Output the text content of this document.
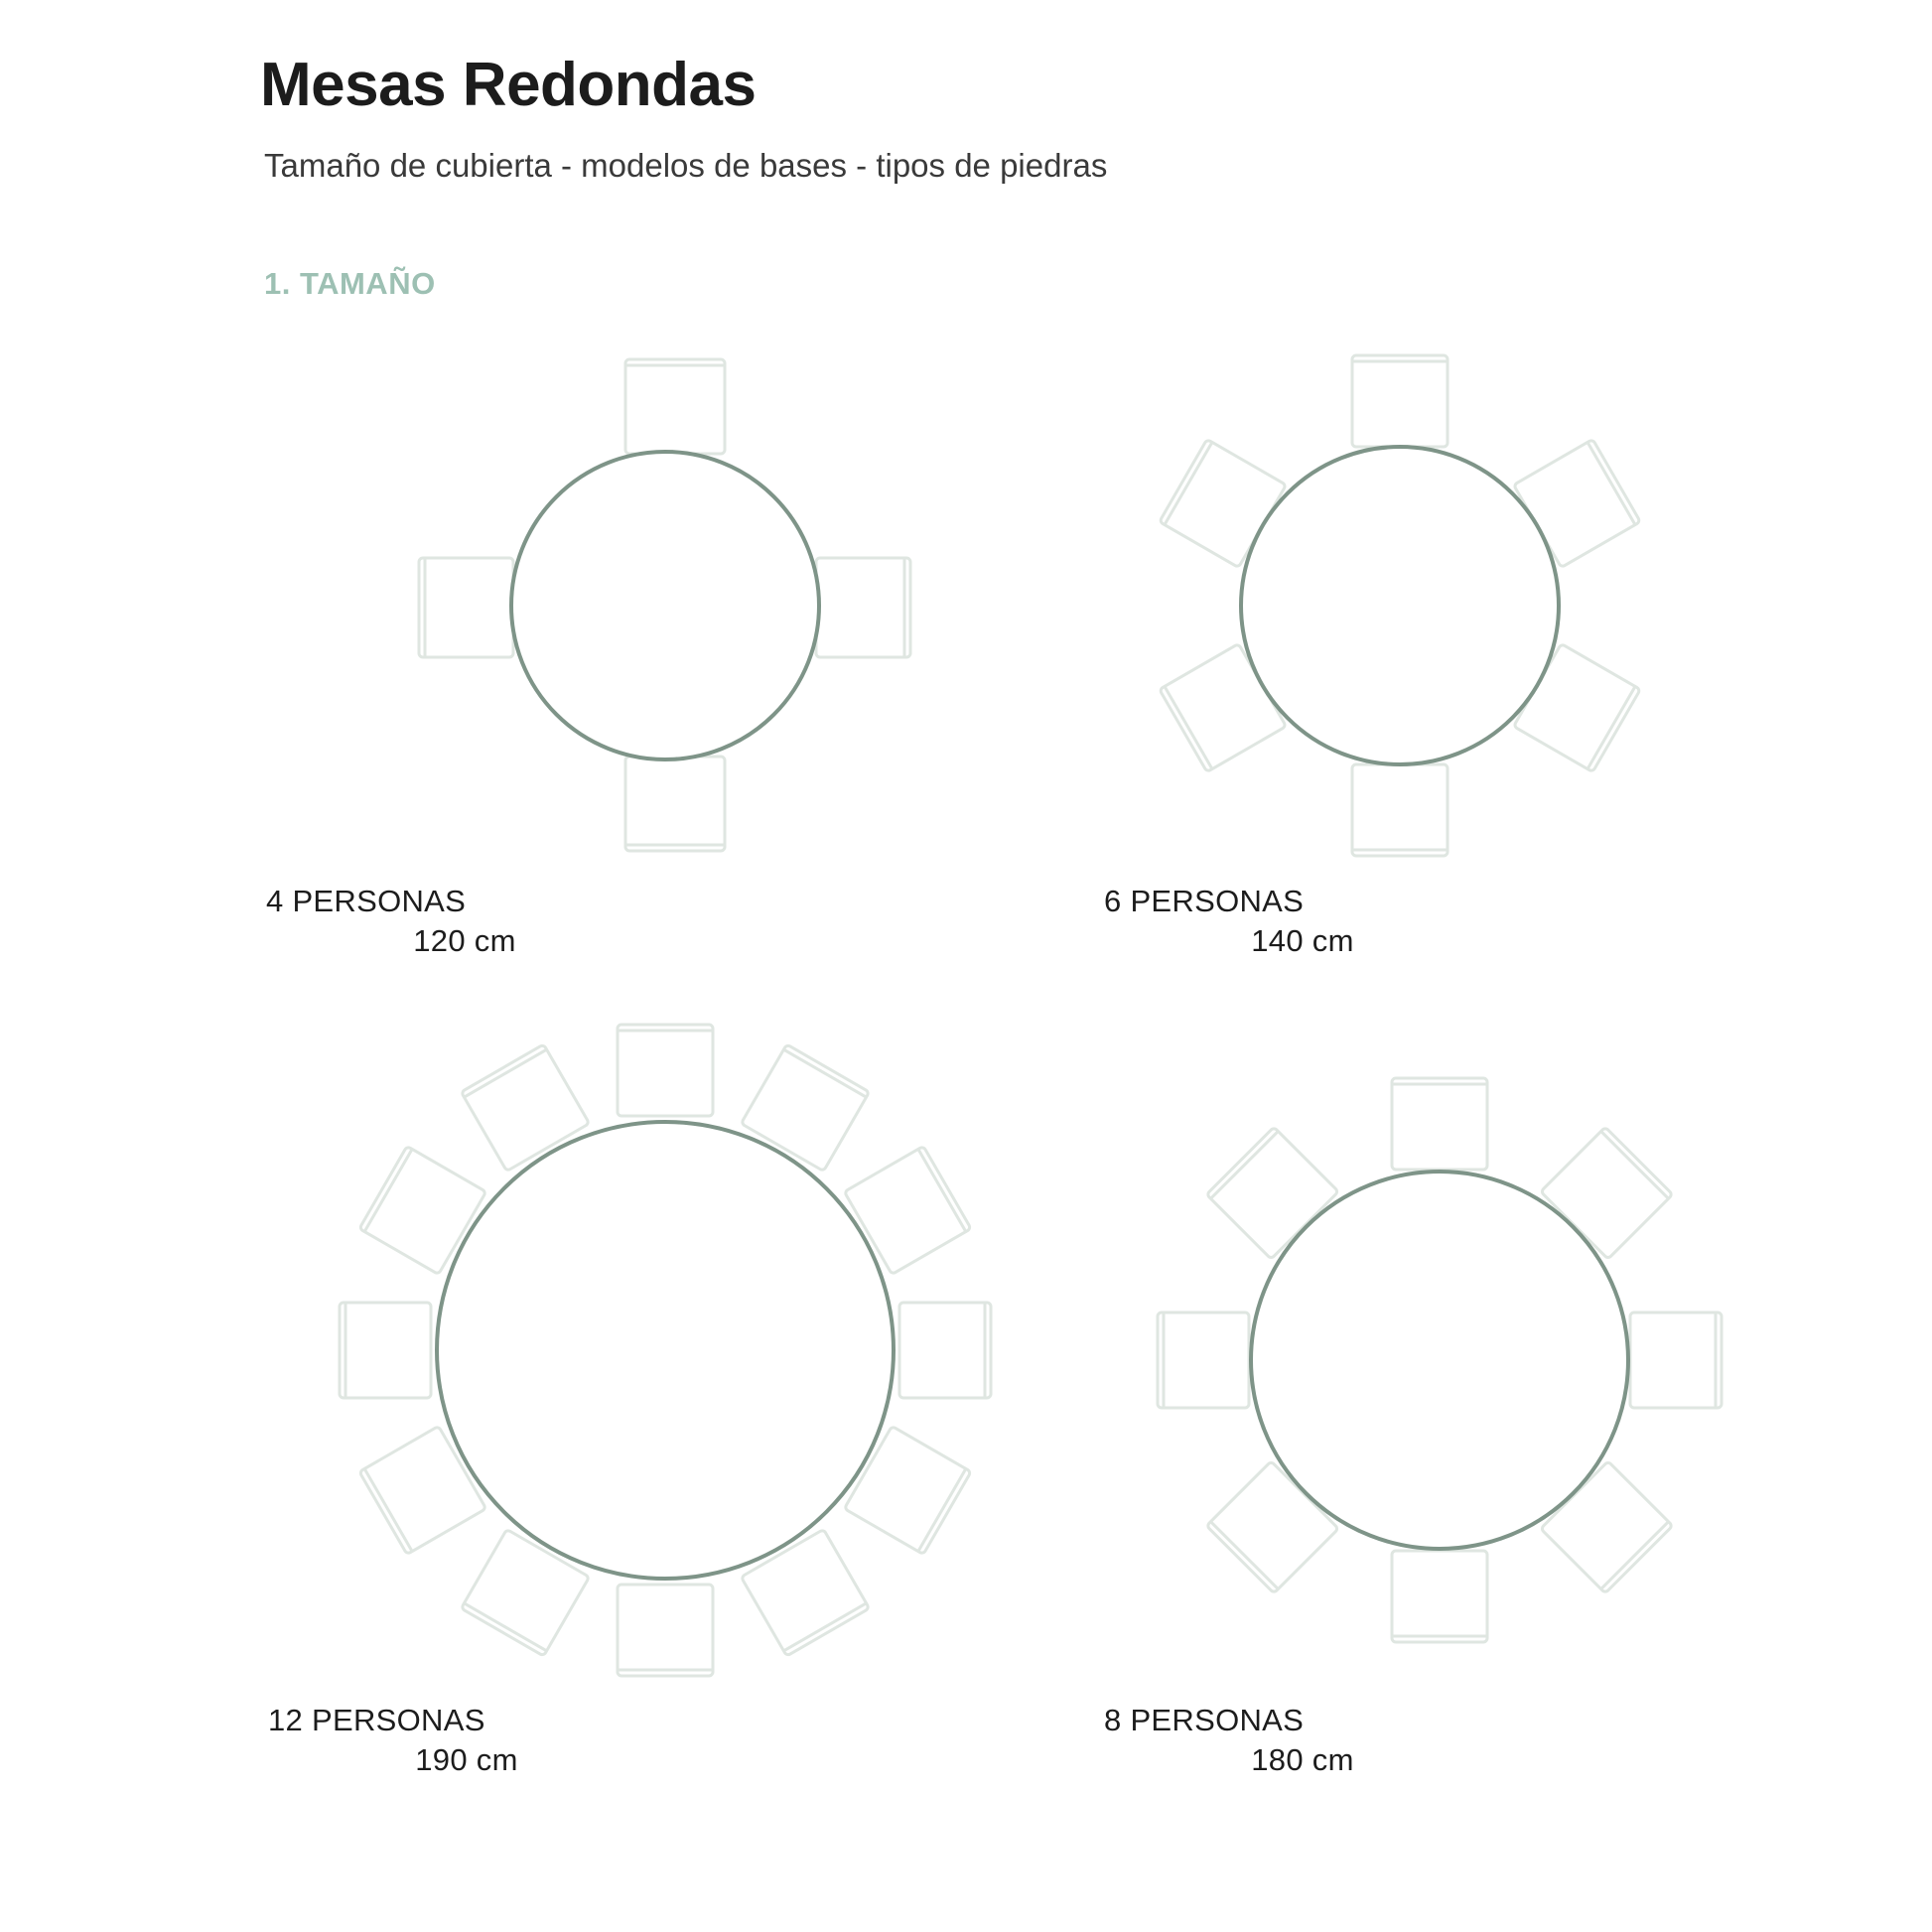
Mesas Redondas
Tamaño de cubierta - modelos de bases - tipos de piedras
1. TAMAÑO
4 PERSONAS
120 cm
6 PERSONAS
140 cm
12 PERSONAS
190 cm
8 PERSONAS
180 cm
